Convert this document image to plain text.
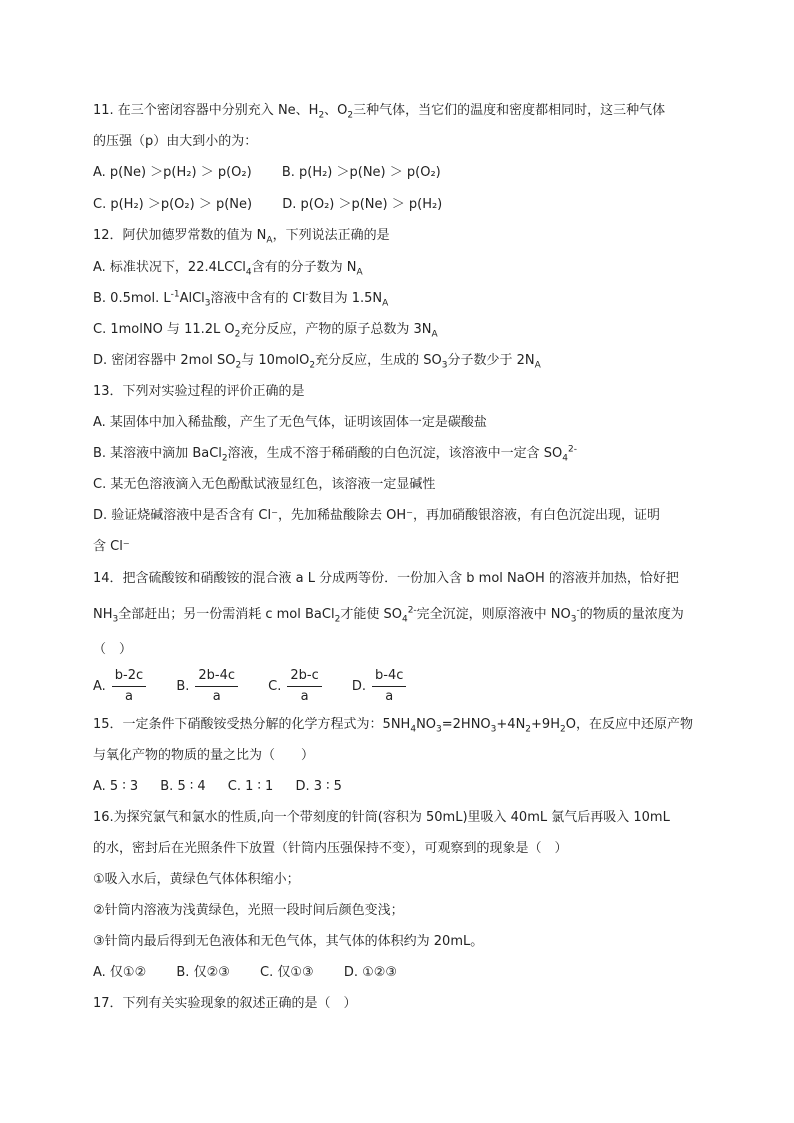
11. 在三个密闭容器中分别充入 Ne、$H_2$、$O_2$三种气体，当它们的温度和密度都相同时，这三种气体
的压强（p）由大到小的为：
A. p(Ne) ＞p(H₂) ＞ p(O₂) B. p(H₂) ＞p(Ne) ＞ p(O₂)
C. p(H₂) ＞p(O₂) ＞ p(Ne) D. p(O₂) ＞p(Ne) ＞ p(H₂)
12．阿伏加德罗常数的值为 $N_A$，下列说法正确的是
A. 标准状况下，22.4LCCl$_4$含有的分子数为 $N_A$
B. 0.5mol. $L^{-1}AlCl_3$溶液中含有的 Cl-数目为 $1.5N_A$
C. 1molNO 与 11.2L $O_2$充分反应，产物的原子总数为 $3N_A$
D. 密闭容器中 2mol $SO_2$与 10molO$_2$充分反应，生成的 $SO_3$分子数少于 $2N_A$
13．下列对实验过程的评价正确的是
A. 某固体中加入稀盐酸，产生了无色气体，证明该固体一定是碳酸盐
B. 某溶液中滴加 BaCl$_2$溶液，生成不溶于稀硝酸的白色沉淀，该溶液中一定含 $SO_4^{2-}$
C. 某无色溶液滴入无色酚酞试液显红色，该溶液一定显碱性
D. 验证烧碱溶液中是否含有 Cl⁻，先加稀盐酸除去 OH⁻，再加硝酸银溶液，有白色沉淀出现，证明
含 Cl⁻
14．把含硫酸铵和硝酸铵的混合液 a L 分成两等份．一份加入含 b mol NaOH 的溶液并加热，恰好把
$NH_3$全部赶出；另一份需消耗 c mol BaCl$_2$才能使 $SO_4^{2-}$完全沉淀，则原溶液中 $NO_3^-$的物质的量浓度为
（　）
A. $\frac{b-2c}{a} B$. $\frac{2b-4c}{a} C$. $\frac{2b-c}{a} D$. $\frac{b-4c}{a}$
15．一定条件下硝酸铵受热分解的化学方程式为：$5NH_4NO_3=2HNO_3+4N_2+9H_2O$，在反应中还原产物
与氧化产物的物质的量之比为（　　）
A. 5 ∶ 3 B. 5 ∶ 4 C. 1 ∶ 1 D. 3 ∶ 5
16.为探究氯气和氯水的性质,向一个带刻度的针筒(容积为 50mL)里吸入 40mL 氯气后再吸入 10mL
的水，密封后在光照条件下放置（针筒内压强保持不变），可观察到的现象是（　）
①吸入水后，黄绿色气体体积缩小；
②针筒内溶液为浅黄绿色，光照一段时间后颜色变浅；
③针筒内最后得到无色液体和无色气体，其气体的体积约为 20mL。
A. 仅①② B. 仅②③ C. 仅①③ D. ①②③
17．下列有关实验现象的叙述正确的是（　）
